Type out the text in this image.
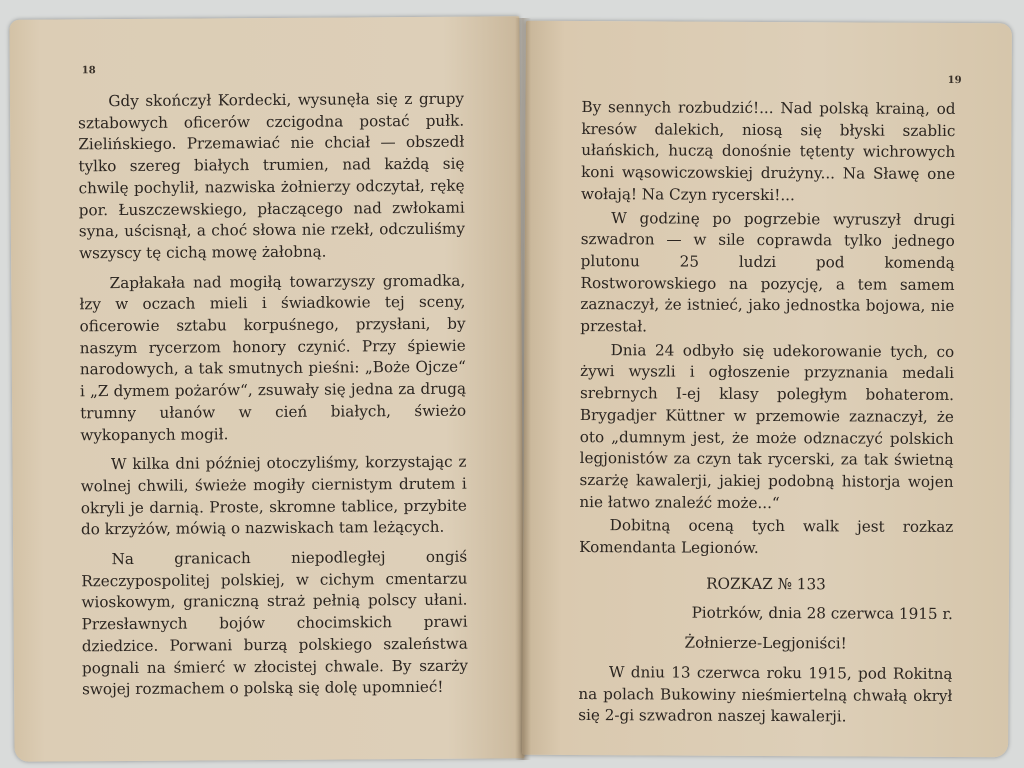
18

Gdy skończył Kordecki, wysunęła się z grupy sztabowych oficerów czcigodna postać pułk. Zielińskiego. Przemawiać nie chciał — obszedł tylko szereg białych trumien, nad każdą się chwilę pochylił, nazwiska żołnierzy odczytał, rękę por. Łuszczewskiego, płaczącego nad zwłokami syna, uścisnął, a choć słowa nie rzekł, odczuliśmy wszyscy tę cichą mowę żałobną.

Zapłakała nad mogiłą towarzyszy gromadka, łzy w oczach mieli i świadkowie tej sceny, oficerowie sztabu korpuśnego, przysłani, by naszym rycerzom honory czynić. Przy śpiewie narodowych, a tak smutnych pieśni: „Boże Ojcze“ i „Z dymem pożarów“, zsuwały się jedna za drugą trumny ułanów w cień białych, świeżo wykopanych mogił.

W kilka dni później otoczyliśmy, korzystając z wolnej chwili, świeże mogiły ciernistym drutem i okryli je darnią. Proste, skromne tablice, przybite do krzyżów, mówią o nazwiskach tam leżących.

Na granicach niepodległej ongiś Rzeczypospolitej polskiej, w cichym cmentarzu wioskowym, graniczną straż pełnią polscy ułani. Przesławnych bojów chocimskich prawi dziedzice. Porwani burzą polskiego szaleństwa pognali na śmierć w złocistej chwale. By szarży swojej rozmachem o polską się dolę upomnieć!

19

By sennych rozbudzić!... Nad polską krainą, od kresów dalekich, niosą się błyski szablic ułańskich, huczą donośnie tętenty wichrowych koni wąsowiczowskiej drużyny... Na Sławę one wołają! Na Czyn rycerski!...

W godzinę po pogrzebie wyruszył drugi szwadron — w sile coprawda tylko jednego plutonu 25 ludzi pod komendą Rostworowskiego na pozycję, a tem samem zaznaczył, że istnieć, jako jednostka bojowa, nie przestał.

Dnia 24 odbyło się udekorowanie tych, co żywi wyszli i ogłoszenie przyznania medali srebrnych I-ej klasy poległym bohaterom. Brygadjer Küttner w przemowie zaznaczył, że oto „dumnym jest, że może odznaczyć polskich legjonistów za czyn tak rycerski, za tak świetną szarżę kawalerji, jakiej podobną historja wojen nie łatwo znaleźć może...“

Dobitną oceną tych walk jest rozkaz Komendanta Legionów.

ROZKAZ № 133

Piotrków, dnia 28 czerwca 1915 r.

Żołnierze-Legjoniści!

W dniu 13 czerwca roku 1915, pod Rokitną na polach Bukowiny nieśmiertelną chwałą okrył się 2-gi szwadron naszej kawalerji.
